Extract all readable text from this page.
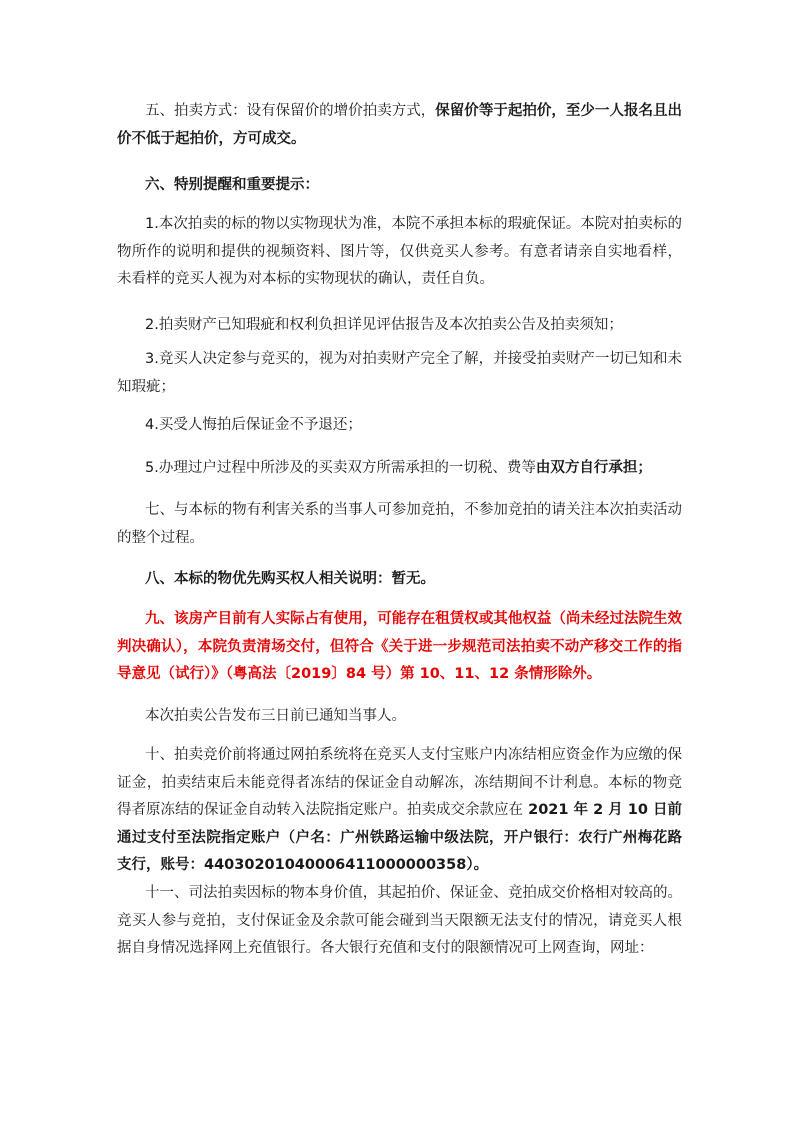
五、拍卖方式：设有保留价的增价拍卖方式，保留价等于起拍价，至少一人报名且出价不低于起拍价，方可成交。

六、特别提醒和重要提示：

1.本次拍卖的标的物以实物现状为准，本院不承担本标的瑕疵保证。本院对拍卖标的物所作的说明和提供的视频资料、图片等，仅供竞买人参考。有意者请亲自实地看样，未看样的竞买人视为对本标的实物现状的确认，责任自负。

2.拍卖财产已知瑕疵和权利负担详见评估报告及本次拍卖公告及拍卖须知；

3.竞买人决定参与竞买的，视为对拍卖财产完全了解，并接受拍卖财产一切已知和未知瑕疵；

4.买受人悔拍后保证金不予退还；

5.办理过户过程中所涉及的买卖双方所需承担的一切税、费等由双方自行承担；

七、与本标的物有利害关系的当事人可参加竞拍，不参加竞拍的请关注本次拍卖活动的整个过程。

八、本标的物优先购买权人相关说明：暂无。

九、该房产目前有人实际占有使用，可能存在租赁权或其他权益（尚未经过法院生效判决确认），本院负责清场交付，但符合《关于进一步规范司法拍卖不动产移交工作的指导意见（试行）》（粤高法〔2019〕84 号）第 10、11、12 条情形除外。

本次拍卖公告发布三日前已通知当事人。

十、拍卖竞价前将通过网拍系统将在竞买人支付宝账户内冻结相应资金作为应缴的保证金，拍卖结束后未能竞得者冻结的保证金自动解冻，冻结期间不计利息。本标的物竞得者原冻结的保证金自动转入法院指定账户。拍卖成交余款应在 2021 年 2 月 10 日前通过支付至法院指定账户（户名：广州铁路运输中级法院，开户银行：农行广州梅花路支行，账号：44030201040006411000000358）。

十一、司法拍卖因标的物本身价值，其起拍价、保证金、竞拍成交价格相对较高的。竞买人参与竞拍，支付保证金及余款可能会碰到当天限额无法支付的情况，请竞买人根据自身情况选择网上充值银行。各大银行充值和支付的限额情况可上网查询，网址：
